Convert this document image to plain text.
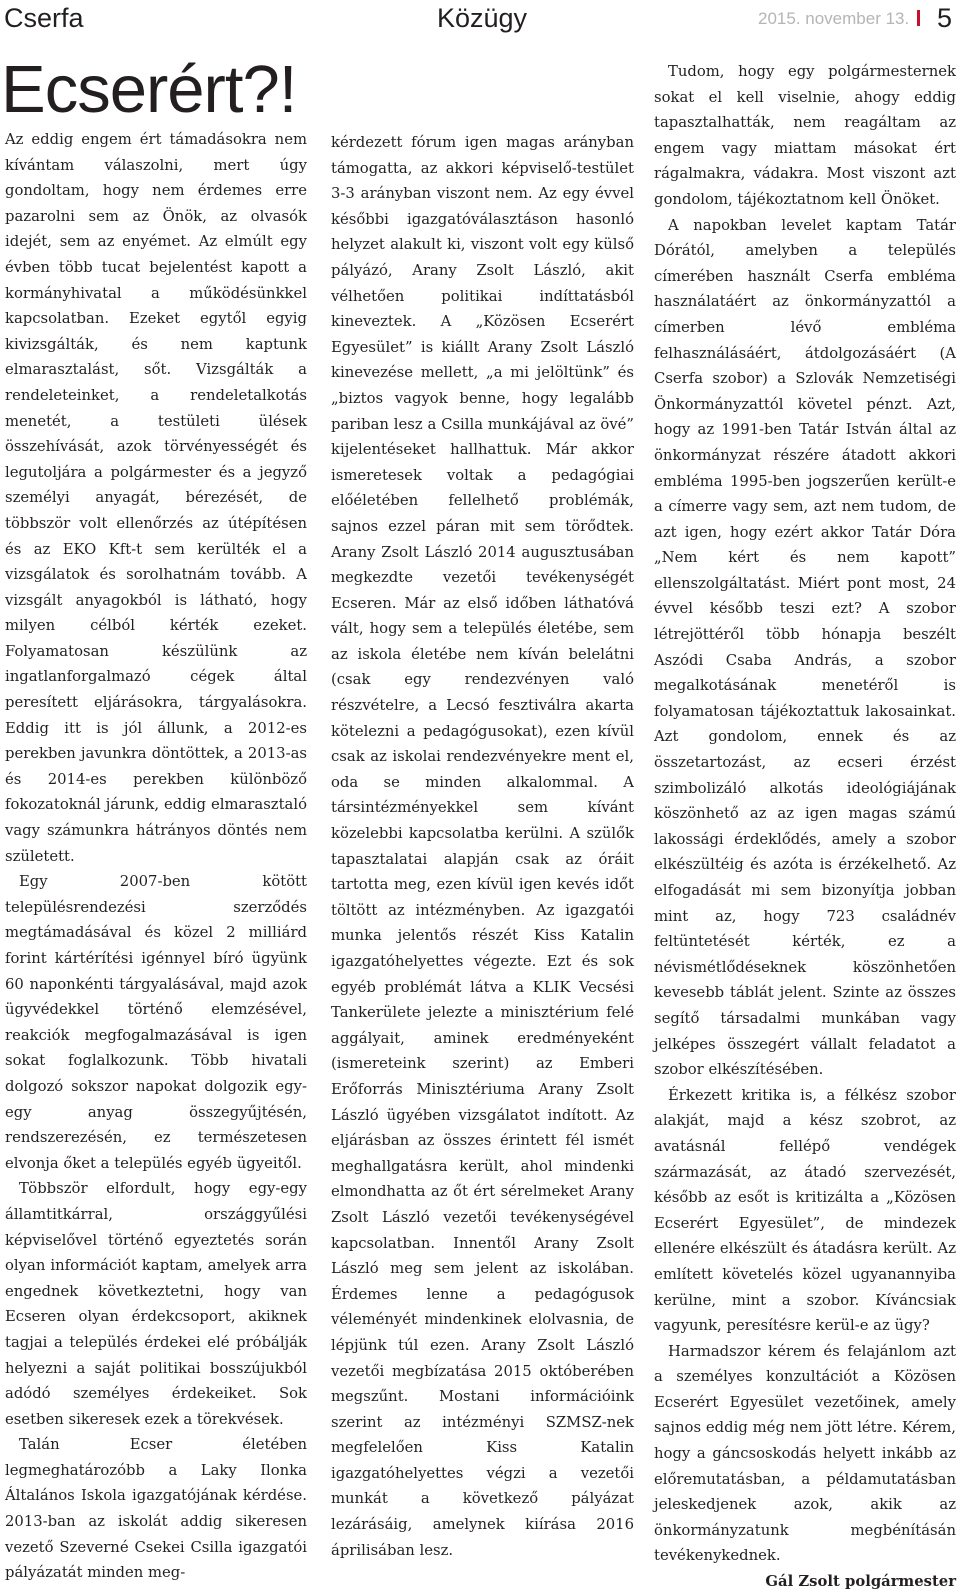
Cserfa	Közügy	2015. november 13. 5
Ecserért?!

Az eddig engem ért támadásokra nem kívántam válaszolni, mert úgy gondoltam, hogy nem érdemes erre pazarolni sem az Önök, az olvasók idejét, sem az enyémet. Az elmúlt egy évben több tucat bejelentést kapott a kormányhivatal a működésünkkel kapcsolatban. Ezeket egytől egyig kivizsgálták, és nem kaptunk elmarasztalást, sőt. Vizsgálták a rendeleteinket, a rendeletalkotás menetét, a testületi ülések összehívását, azok törvényességét és legutoljára a polgármester és a jegyző személyi anyagát, bérezését, de többször volt ellenőrzés az útépítésen és az EKO Kft-t sem kerülték el a vizsgálatok és sorolhatnám tovább. A vizsgált anyagokból is látható, hogy milyen célból kérték ezeket. Folyamatosan készülünk az ingatlanforgalmazó cégek által peresített eljárásokra, tárgyalásokra. Eddig itt is jól állunk, a 2012-es perekben javunkra döntöttek, a 2013-as és 2014-es perekben különböző fokozatoknál járunk, eddig elmarasztaló vagy számunkra hátrányos döntés nem született.

Egy 2007-ben kötött településrendezési szerződés megtámadásával és közel 2 milliárd forint kártérítési igénnyel bíró ügyünk 60 naponkénti tárgyalásával, majd azok ügyvédekkel történő elemzésével, reakciók megfogalmazásával is igen sokat foglalkozunk. Több hivatali dolgozó sokszor napokat dolgozik egy-egy anyag összegyűjtésén, rendszerezésén, ez természetesen elvonja őket a település egyéb ügyeitől.

Többször elfordult, hogy egy-egy államtitkárral, országgyűlési képviselővel történő egyeztetés során olyan információt kaptam, amelyek arra engednek következtetni, hogy van Ecseren olyan érdekcsoport, akiknek tagjai a település érdekei elé próbálják helyezni a saját politikai bosszújukból adódó személyes érdekeiket. Sok esetben sikeresek ezek a törekvések.

Talán Ecser életében legmeghatározóbb a Laky Ilonka Általános Iskola igazgatójának kérdése. 2013-ban az iskolát addig sikeresen vezető Szeverné Csekei Csilla igazgatói pályázatát minden meg-

kérdezett fórum igen magas arányban támogatta, az akkori képviselő-testület 3-3 arányban viszont nem. Az egy évvel későbbi igazgatóválasztáson hasonló helyzet alakult ki, viszont volt egy külső pályázó, Arany Zsolt László, akit vélhetően politikai indíttatásból kineveztek. A „Közösen Ecserért Egyesület” is kiállt Arany Zsolt László kinevezése mellett, „a mi jelöltünk” és „biztos vagyok benne, hogy legalább pariban lesz a Csilla munkájával az övé” kijelentéseket hallhattuk. Már akkor ismeretesek voltak a pedagógiai előéletében fellelhető problémák, sajnos ezzel páran mit sem törődtek. Arany Zsolt László 2014 augusztusában megkezdte vezetői tevékenységét Ecseren. Már az első időben láthatóvá vált, hogy sem a település életébe, sem az iskola életébe nem kíván belelátni (csak egy rendezvényen való részvételre, a Lecsó fesztiválra akarta kötelezni a pedagógusokat), ezen kívül csak az iskolai rendezvényekre ment el, oda se minden alkalommal. A társintézményekkel sem kívánt közelebbi kapcsolatba kerülni. A szülők tapasztalatai alapján csak az óráit tartotta meg, ezen kívül igen kevés időt töltött az intézményben. Az igazgatói munka jelentős részét Kiss Katalin igazgatóhelyettes végezte. Ezt és sok egyéb problémát látva a KLIK Vecsési Tankerülete jelezte a minisztérium felé aggályait, aminek eredményeként (ismereteink szerint) az Emberi Erőforrás Minisztériuma Arany Zsolt László ügyében vizsgálatot indított. Az eljárásban az összes érintett fél ismét meghallgatásra került, ahol mindenki elmondhatta az őt ért sérelmeket Arany Zsolt László vezetői tevékenységével kapcsolatban. Innentől Arany Zsolt László meg sem jelent az iskolában. Érdemes lenne a pedagógusok véleményét mindenkinek elolvasnia, de lépjünk túl ezen. Arany Zsolt László vezetői megbízatása 2015 októberében megszűnt. Mostani információink szerint az intézményi SZMSZ-nek megfelelően Kiss Katalin igazgatóhelyettes végzi a vezetői munkát a következő pályázat lezárásáig, amelynek kiírása 2016 áprilisában lesz.

Tudom, hogy egy polgármesternek sokat el kell viselnie, ahogy eddig tapasztalhatták, nem reagáltam az engem vagy miattam másokat ért rágalmakra, vádakra. Most viszont azt gondolom, tájékoztatnom kell Önöket.

A napokban levelet kaptam Tatár Dórától, amelyben a település címerében használt Cserfa embléma használatáért az önkormányzattól a címerben lévő embléma felhasználásáért, átdolgozásáért (A Cserfa szobor) a Szlovák Nemzetiségi Önkormányzattól követel pénzt. Azt, hogy az 1991-ben Tatár István által az önkormányzat részére átadott akkori embléma 1995-ben jogszerűen került-e a címerre vagy sem, azt nem tudom, de azt igen, hogy ezért akkor Tatár Dóra „Nem kért és nem kapott” ellenszolgáltatást. Miért pont most, 24 évvel később teszi ezt? A szobor létrejöttéről több hónapja beszélt Aszódi Csaba András, a szobor megalkotásának menetéről is folyamatosan tájékoztattuk lakosainkat. Azt gondolom, ennek és az összetartozást, az ecseri érzést szimbolizáló alkotás ideológiájának köszönhető az az igen magas számú lakossági érdeklődés, amely a szobor elkészültéig és azóta is érzékelhető. Az elfogadását mi sem bizonyítja jobban mint az, hogy 723 családnév feltüntetését kérték, ez a névismétlődéseknek köszönhetően kevesebb táblát jelent. Szinte az összes segítő társadalmi munkában vagy jelképes összegért vállalt feladatot a szobor elkészítésében.

Érkezett kritika is, a félkész szobor alakját, majd a kész szobrot, az avatásnál fellépő vendégek származását, az átadó szervezését, később az esőt is kritizálta a „Közösen Ecserért Egyesület”, de mindezek ellenére elkészült és átadásra került. Az említett követelés közel ugyanannyiba kerülne, mint a szobor. Kíváncsiak vagyunk, peresítésre kerül-e az ügy?

Harmadszor kérem és felajánlom azt a személyes konzultációt a Közösen Ecserért Egyesület vezetőinek, amely sajnos eddig még nem jött létre. Kérem, hogy a gáncsoskodás helyett inkább az előremutatásban, a példamutatásban jeleskedjenek azok, akik az önkormányzatunk megbénításán tevékenykednek.

Gál Zsolt polgármester
